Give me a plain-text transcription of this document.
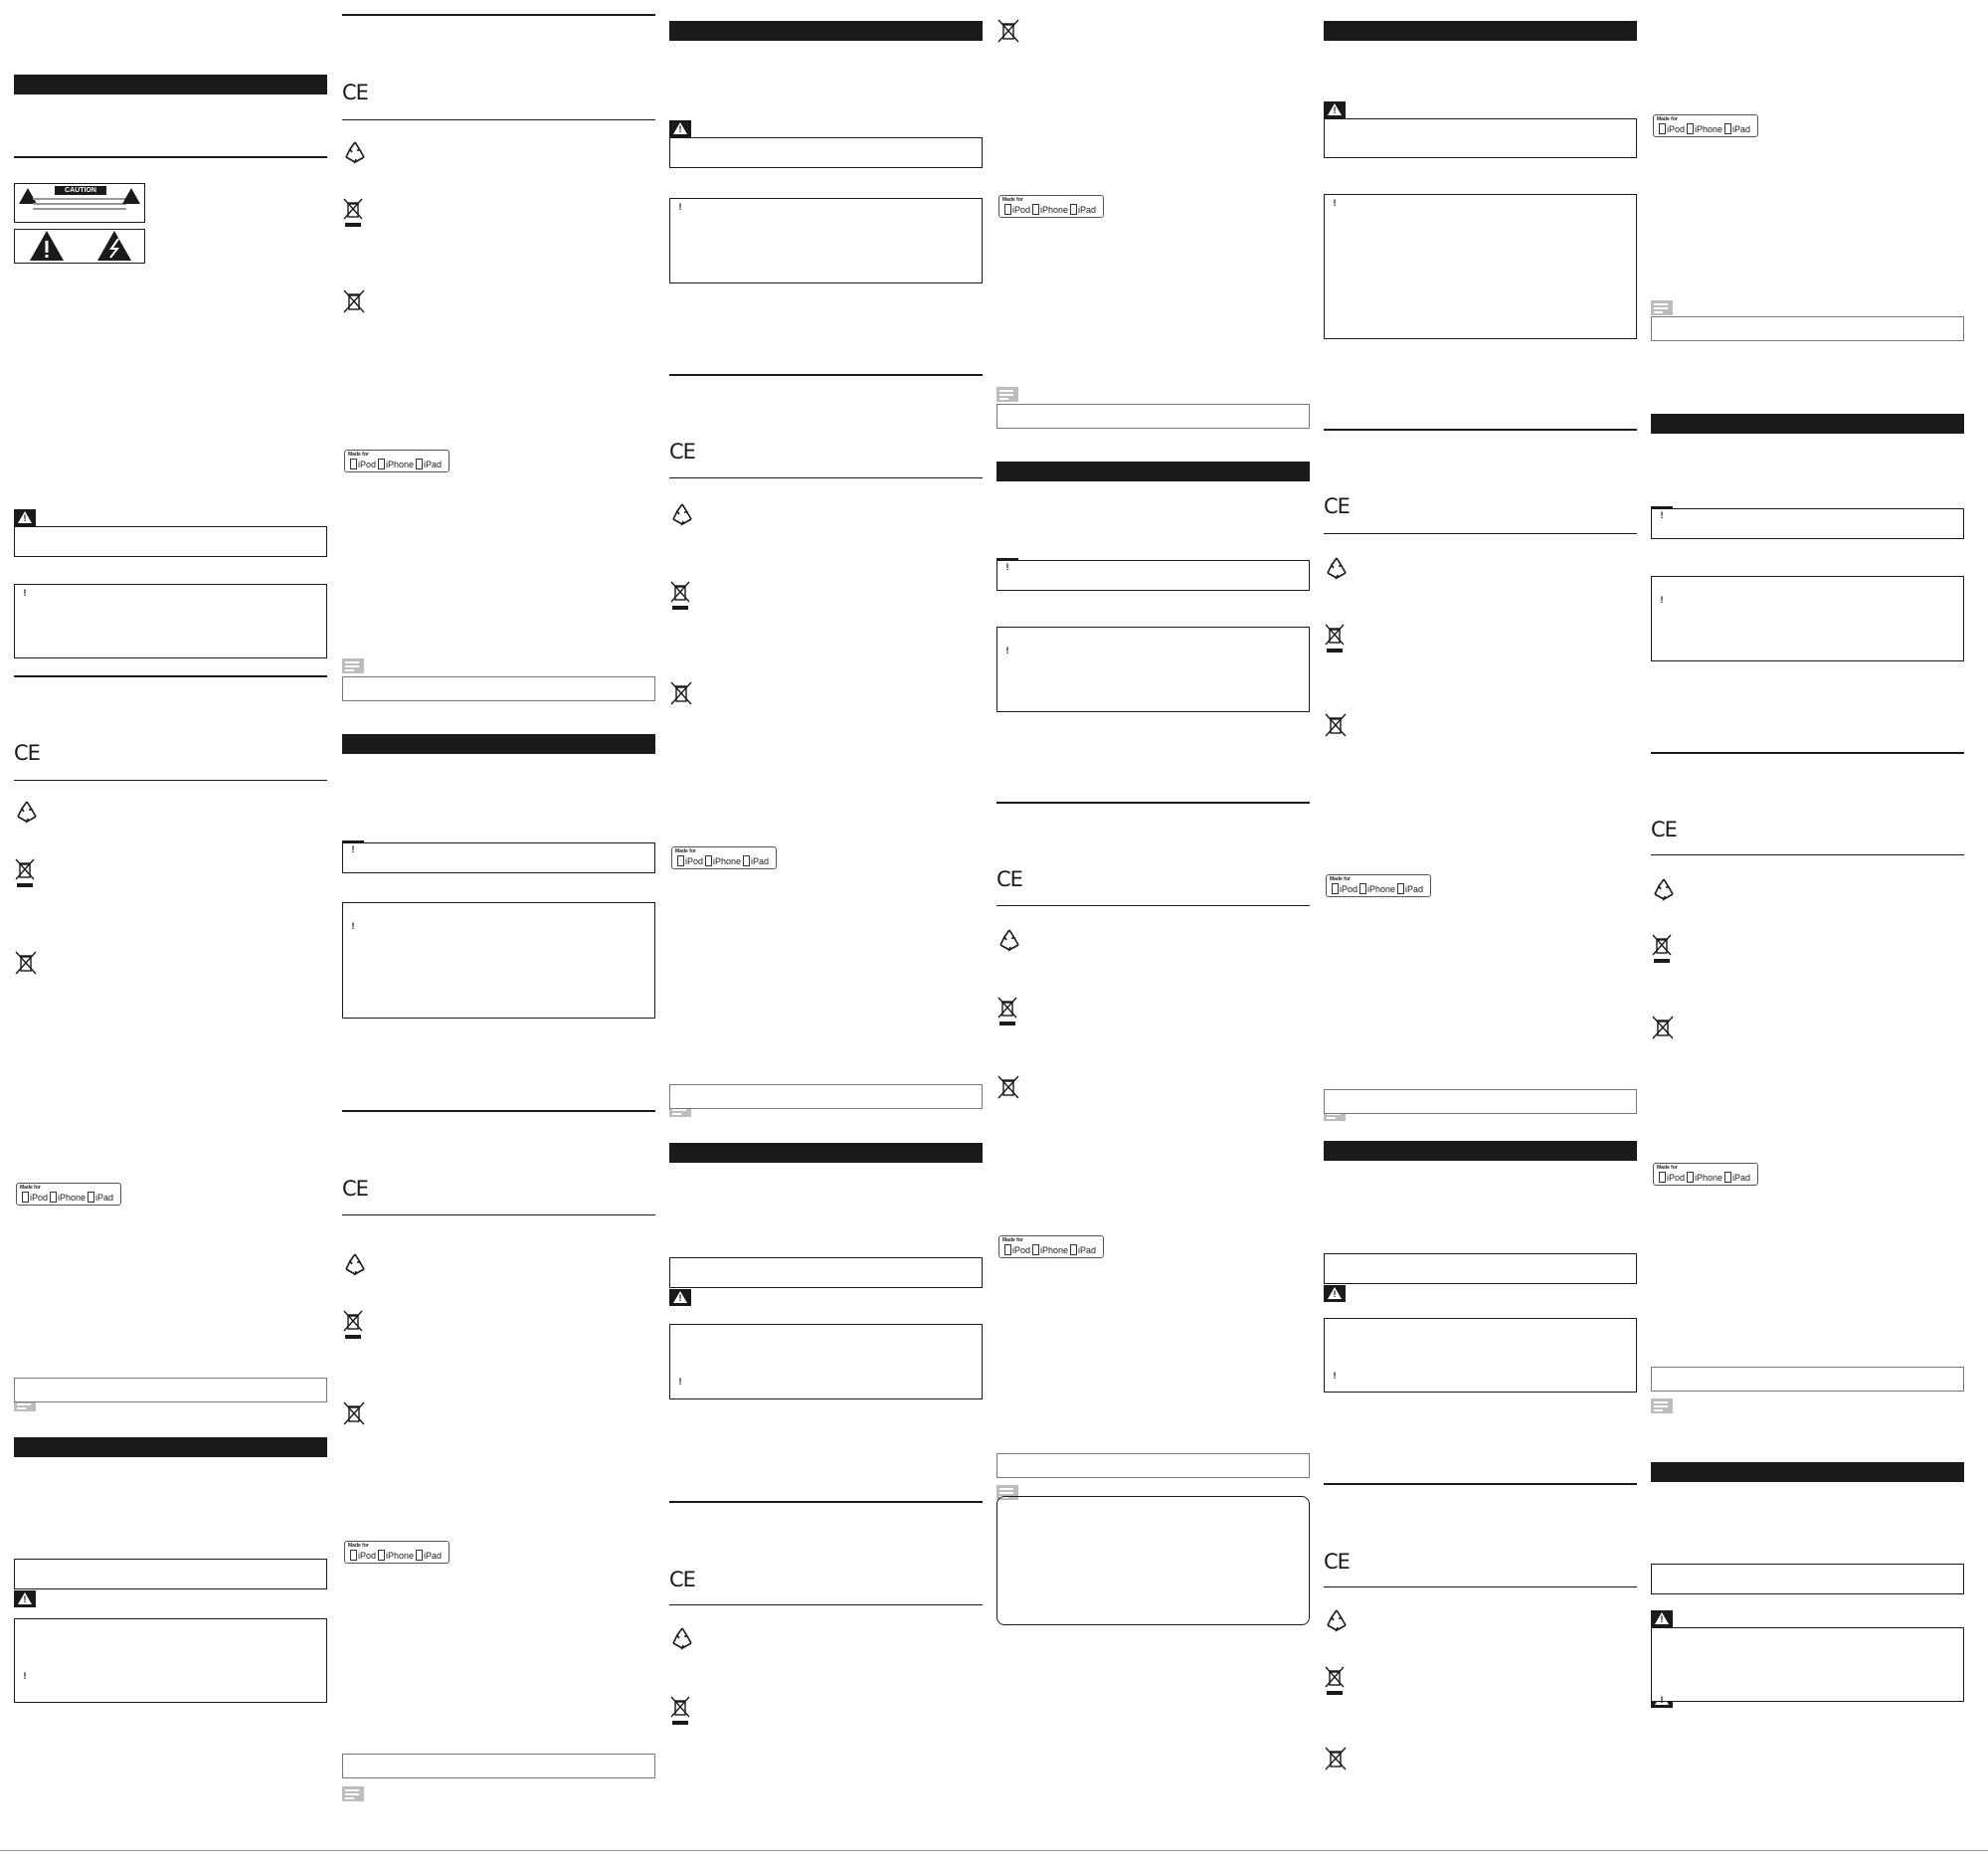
CAUTION
!
!
CE
Made for
iPod iPhone iPad
!
!
CE
Made for
iPod iPhone iPad
!
!
CE
Made for
iPod iPhone iPad
!
!
CE
Made for
iPod iPhone iPad
!
!
CE
Made for
iPod iPhone iPad
!
!
CE
Made for
iPod iPhone iPad
!
!
CE
Made for
iPod iPhone iPad
!
!
CE
Made for
iPod iPhone iPad
!
!
CE
Made for
iPod iPhone iPad
!
!
